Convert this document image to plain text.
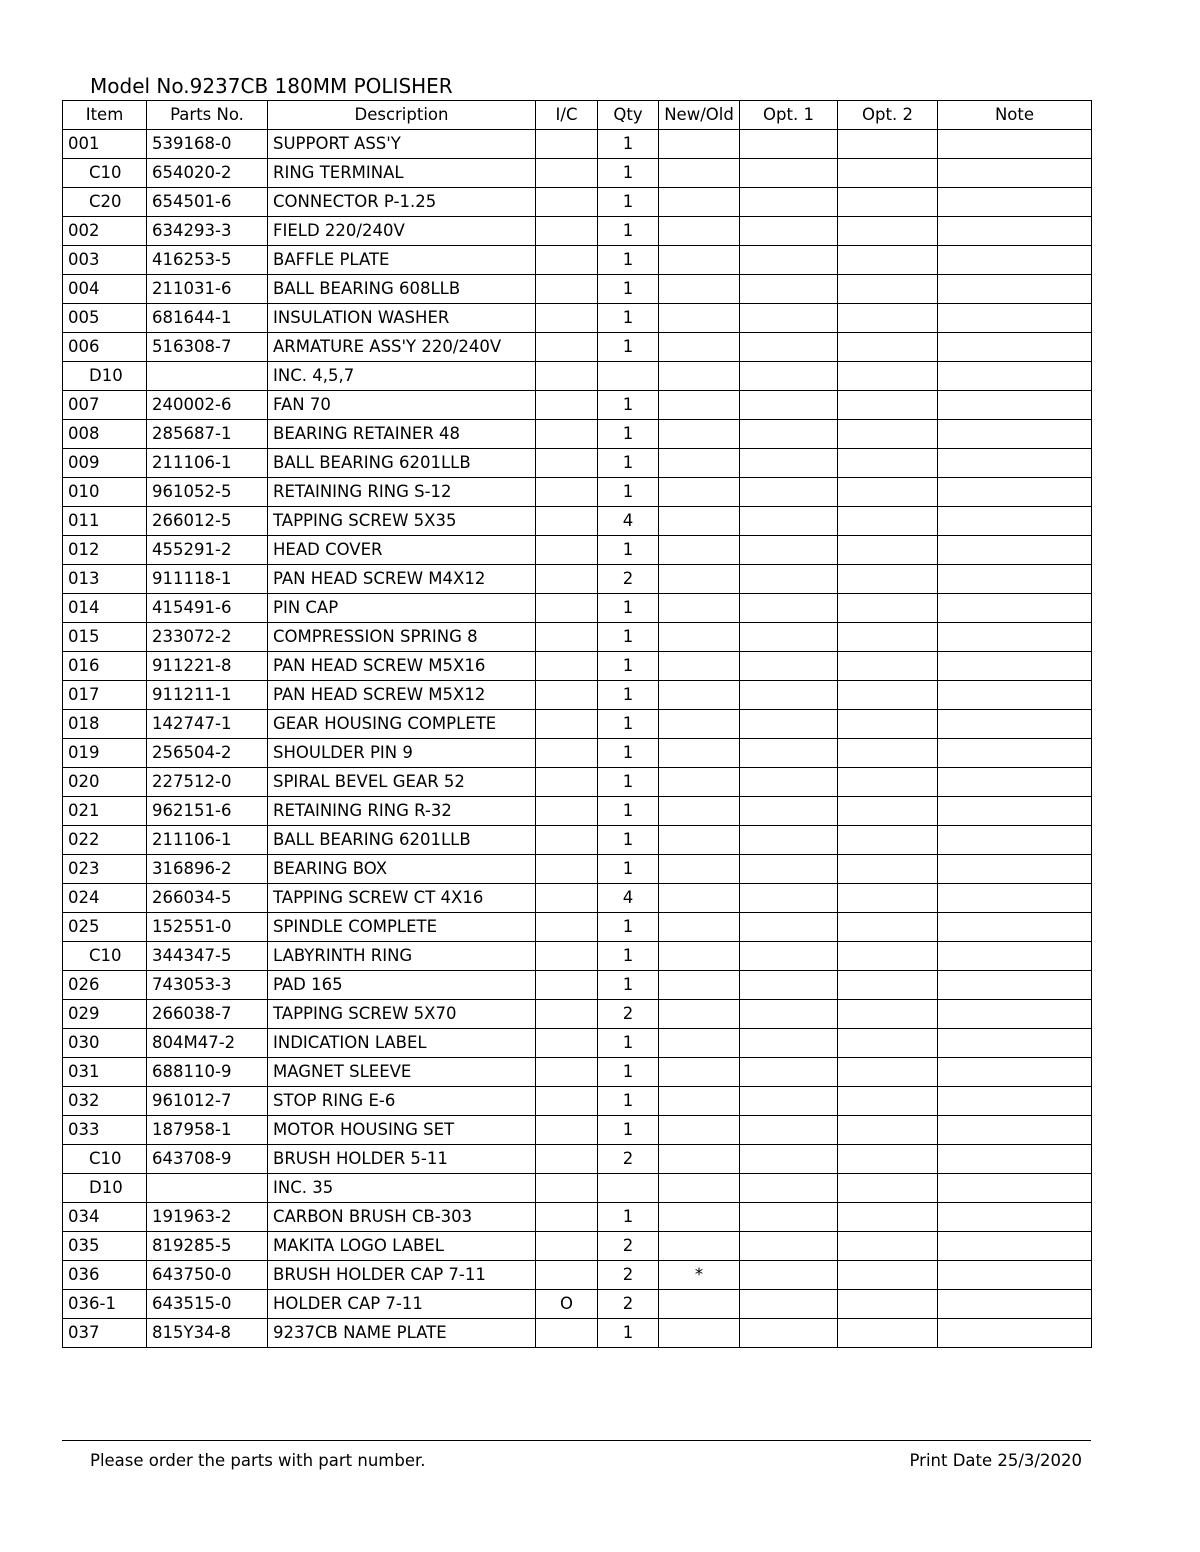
Model No.9237CB 180MM POLISHER
Item	Parts No.	Description	I/C	Qty	New/Old	Opt. 1	Opt. 2	Note
001	539168-0	SUPPORT ASS'Y		1				
C10	654020-2	RING TERMINAL		1				
C20	654501-6	CONNECTOR P-1.25		1				
002	634293-3	FIELD 220/240V		1				
003	416253-5	BAFFLE PLATE		1				
004	211031-6	BALL BEARING 608LLB		1				
005	681644-1	INSULATION WASHER		1				
006	516308-7	ARMATURE ASS'Y 220/240V		1				
D10		INC. 4,5,7						
007	240002-6	FAN 70		1				
008	285687-1	BEARING RETAINER 48		1				
009	211106-1	BALL BEARING 6201LLB		1				
010	961052-5	RETAINING RING S-12		1				
011	266012-5	TAPPING SCREW 5X35		4				
012	455291-2	HEAD COVER		1				
013	911118-1	PAN HEAD SCREW M4X12		2				
014	415491-6	PIN CAP		1				
015	233072-2	COMPRESSION SPRING 8		1				
016	911221-8	PAN HEAD SCREW M5X16		1				
017	911211-1	PAN HEAD SCREW M5X12		1				
018	142747-1	GEAR HOUSING COMPLETE		1				
019	256504-2	SHOULDER PIN 9		1				
020	227512-0	SPIRAL BEVEL GEAR 52		1				
021	962151-6	RETAINING RING R-32		1				
022	211106-1	BALL BEARING 6201LLB		1				
023	316896-2	BEARING BOX		1				
024	266034-5	TAPPING SCREW CT 4X16		4				
025	152551-0	SPINDLE COMPLETE		1				
C10	344347-5	LABYRINTH RING		1				
026	743053-3	PAD 165		1				
029	266038-7	TAPPING SCREW 5X70		2				
030	804M47-2	INDICATION LABEL		1				
031	688110-9	MAGNET SLEEVE		1				
032	961012-7	STOP RING E-6		1				
033	187958-1	MOTOR HOUSING SET		1				
C10	643708-9	BRUSH HOLDER 5-11		2				
D10		INC. 35						
034	191963-2	CARBON BRUSH CB-303		1				
035	819285-5	MAKITA LOGO LABEL		2				
036	643750-0	BRUSH HOLDER CAP 7-11		2	*			
036-1	643515-0	HOLDER CAP 7-11	O	2				
037	815Y34-8	9237CB NAME PLATE		1				
Please order the parts with part number.	Print Date 25/3/2020
